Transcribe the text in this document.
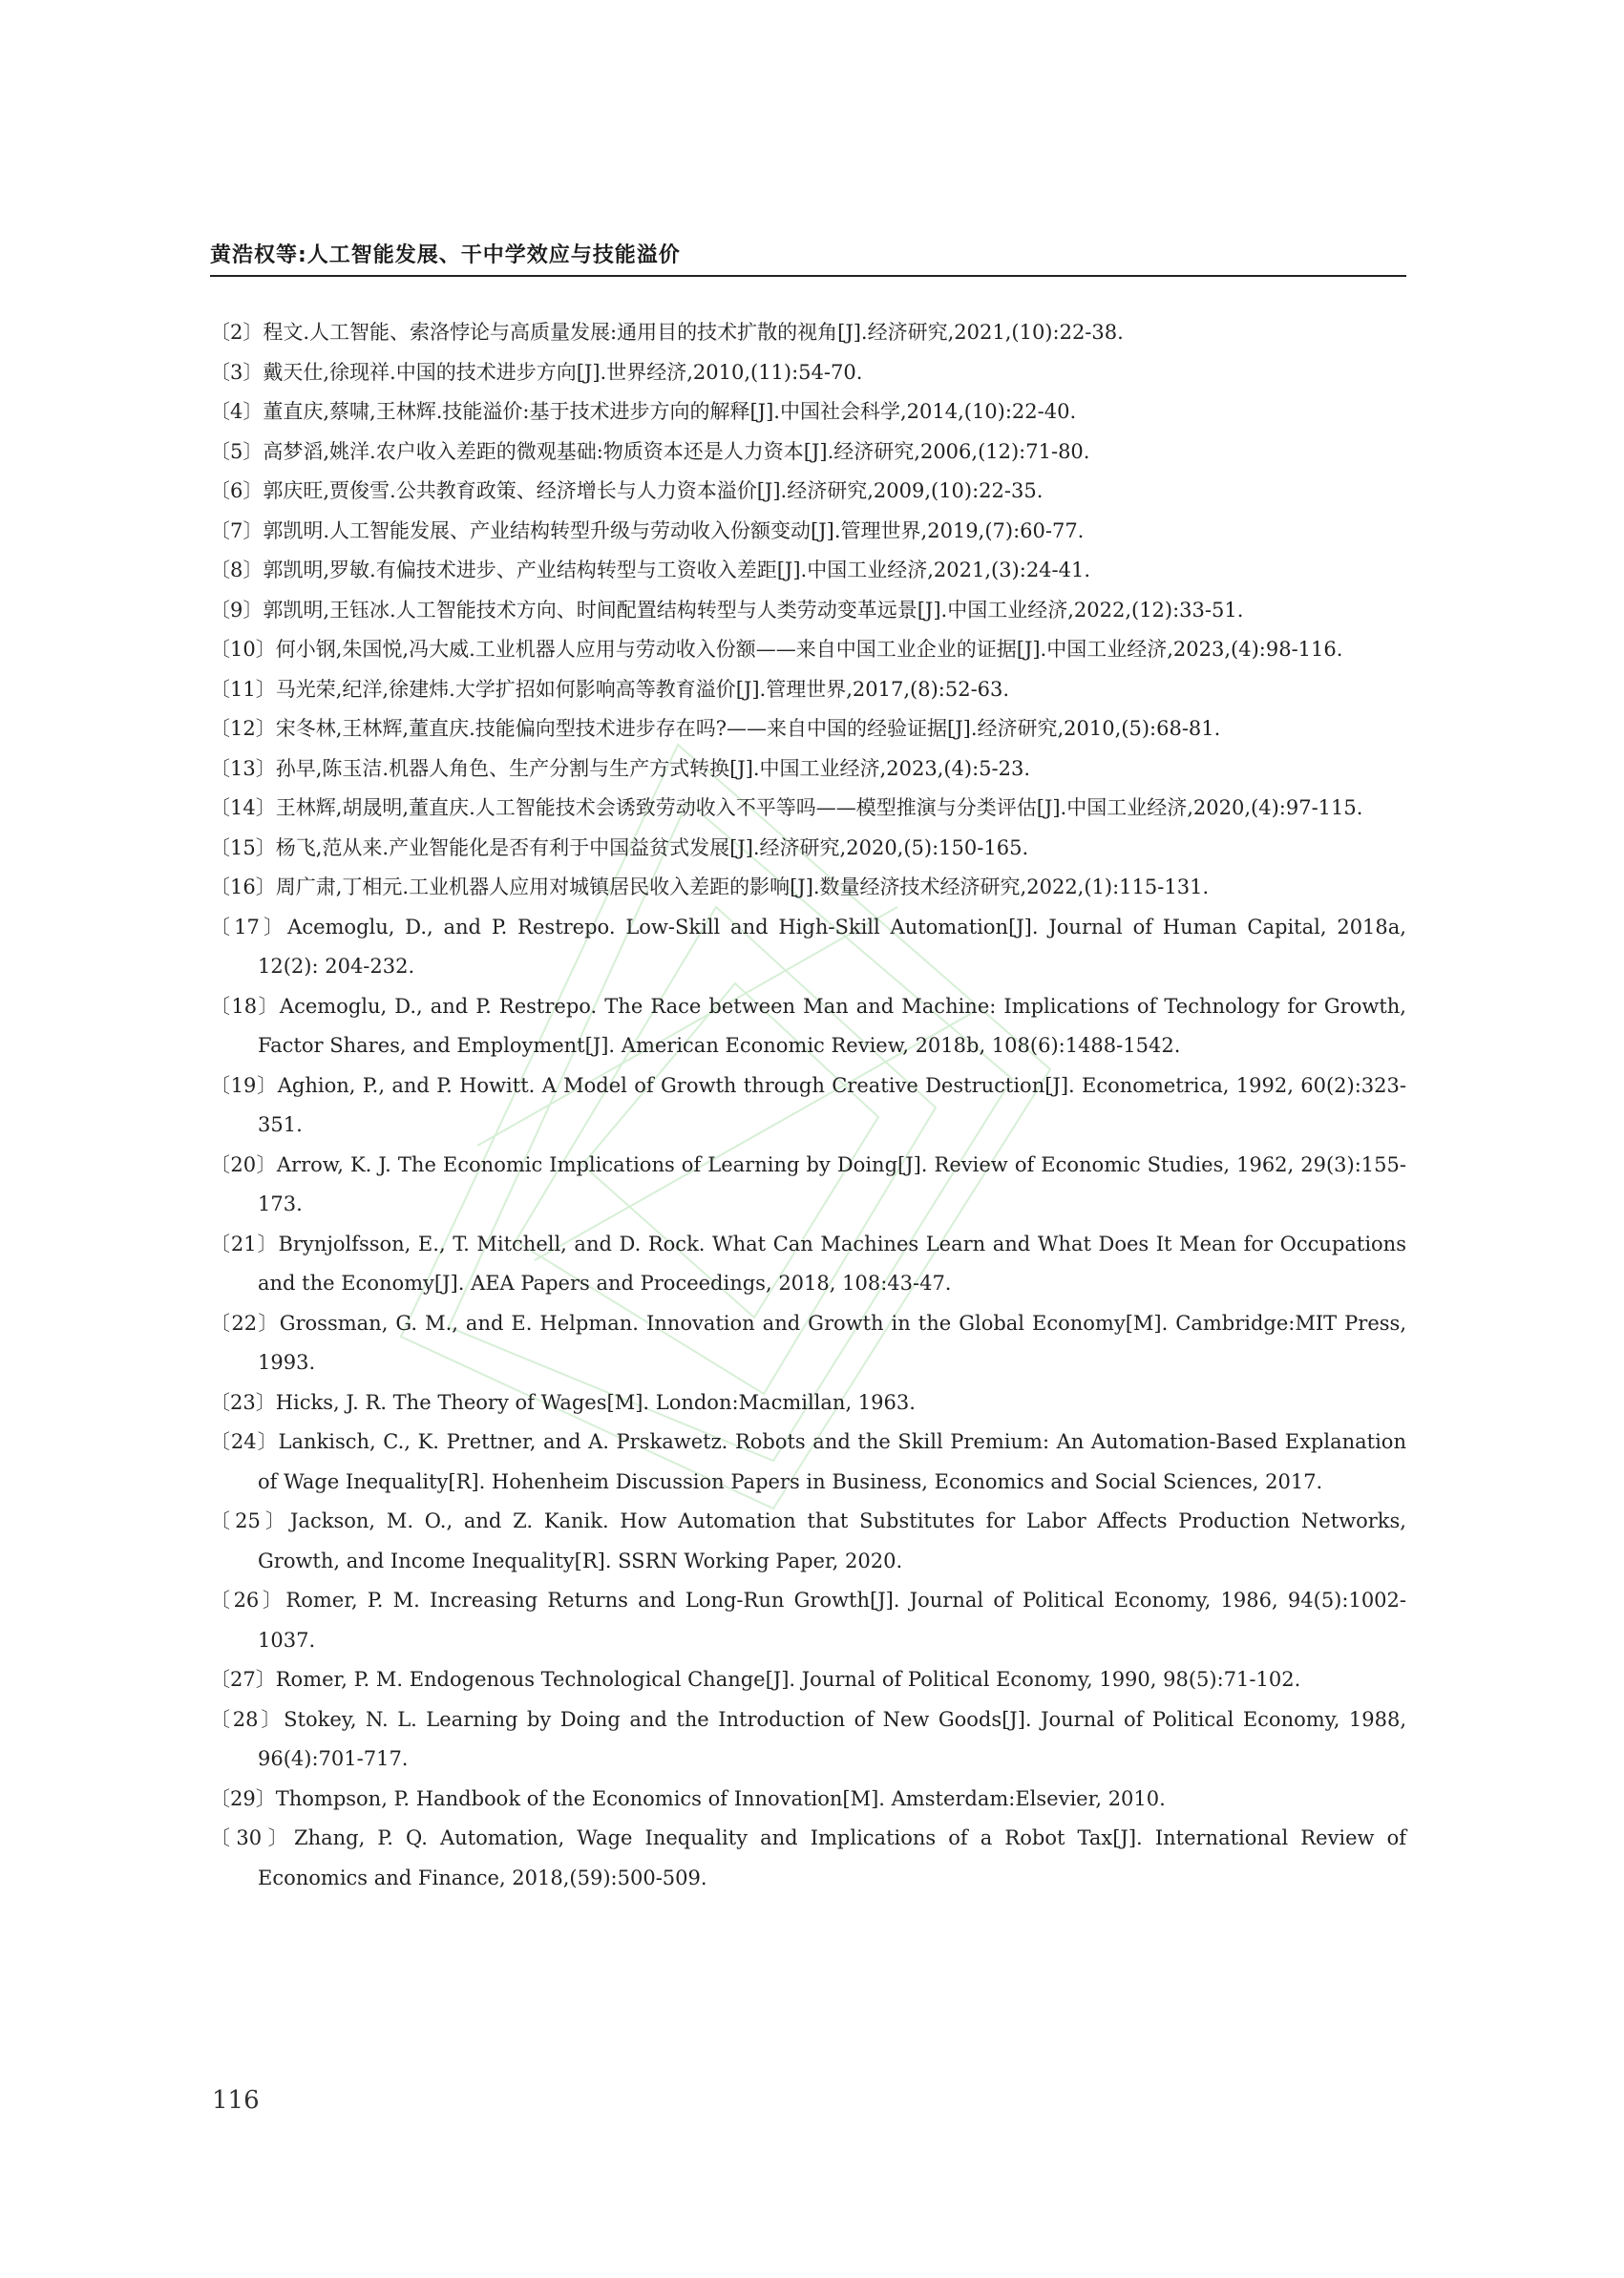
黄浩权等:人工智能发展、干中学效应与技能溢价
〔2〕程文.人工智能、索洛悖论与高质量发展:通用目的技术扩散的视角[J].经济研究,2021,(10):22-38.
〔3〕戴天仕,徐现祥.中国的技术进步方向[J].世界经济,2010,(11):54-70.
〔4〕董直庆,蔡啸,王林辉.技能溢价:基于技术进步方向的解释[J].中国社会科学,2014,(10):22-40.
〔5〕高梦滔,姚洋.农户收入差距的微观基础:物质资本还是人力资本[J].经济研究,2006,(12):71-80.
〔6〕郭庆旺,贾俊雪.公共教育政策、经济增长与人力资本溢价[J].经济研究,2009,(10):22-35.
〔7〕郭凯明.人工智能发展、产业结构转型升级与劳动收入份额变动[J].管理世界,2019,(7):60-77.
〔8〕郭凯明,罗敏.有偏技术进步、产业结构转型与工资收入差距[J].中国工业经济,2021,(3):24-41.
〔9〕郭凯明,王钰冰.人工智能技术方向、时间配置结构转型与人类劳动变革远景[J].中国工业经济,2022,(12):33-51.
〔10〕何小钢,朱国悦,冯大威.工业机器人应用与劳动收入份额——来自中国工业企业的证据[J].中国工业经济,2023,(4):98-116.
〔11〕马光荣,纪洋,徐建炜.大学扩招如何影响高等教育溢价[J].管理世界,2017,(8):52-63.
〔12〕宋冬林,王林辉,董直庆.技能偏向型技术进步存在吗?——来自中国的经验证据[J].经济研究,2010,(5):68-81.
〔13〕孙早,陈玉洁.机器人角色、生产分割与生产方式转换[J].中国工业经济,2023,(4):5-23.
〔14〕王林辉,胡晟明,董直庆.人工智能技术会诱致劳动收入不平等吗——模型推演与分类评估[J].中国工业经济,2020,(4):97-115.
〔15〕杨飞,范从来.产业智能化是否有利于中国益贫式发展[J].经济研究,2020,(5):150-165.
〔16〕周广肃,丁相元.工业机器人应用对城镇居民收入差距的影响[J].数量经济技术经济研究,2022,(1):115-131.
〔17〕Acemoglu, D., and P. Restrepo. Low-Skill and High-Skill Automation[J]. Journal of Human Capital, 2018a, 12(2): 204-232.
〔18〕Acemoglu, D., and P. Restrepo. The Race between Man and Machine: Implications of Technology for Growth, Factor Shares, and Employment[J]. American Economic Review, 2018b, 108(6):1488-1542.
〔19〕Aghion, P., and P. Howitt. A Model of Growth through Creative Destruction[J]. Econometrica, 1992, 60(2):323-351.
〔20〕Arrow, K. J. The Economic Implications of Learning by Doing[J]. Review of Economic Studies, 1962, 29(3):155-173.
〔21〕Brynjolfsson, E., T. Mitchell, and D. Rock. What Can Machines Learn and What Does It Mean for Occupations and the Economy[J]. AEA Papers and Proceedings, 2018, 108:43-47.
〔22〕Grossman, G. M., and E. Helpman. Innovation and Growth in the Global Economy[M]. Cambridge:MIT Press, 1993.
〔23〕Hicks, J. R. The Theory of Wages[M]. London:Macmillan, 1963.
〔24〕Lankisch, C., K. Prettner, and A. Prskawetz. Robots and the Skill Premium: An Automation-Based Explanation of Wage Inequality[R]. Hohenheim Discussion Papers in Business, Economics and Social Sciences, 2017.
〔25〕Jackson, M. O., and Z. Kanik. How Automation that Substitutes for Labor Affects Production Networks, Growth, and Income Inequality[R]. SSRN Working Paper, 2020.
〔26〕Romer, P. M. Increasing Returns and Long-Run Growth[J]. Journal of Political Economy, 1986, 94(5):1002-1037.
〔27〕Romer, P. M. Endogenous Technological Change[J]. Journal of Political Economy, 1990, 98(5):71-102.
〔28〕Stokey, N. L. Learning by Doing and the Introduction of New Goods[J]. Journal of Political Economy, 1988, 96(4):701-717.
〔29〕Thompson, P. Handbook of the Economics of Innovation[M]. Amsterdam:Elsevier, 2010.
〔30〕Zhang, P. Q. Automation, Wage Inequality and Implications of a Robot Tax[J]. International Review of Economics and Finance, 2018,(59):500-509.
116
